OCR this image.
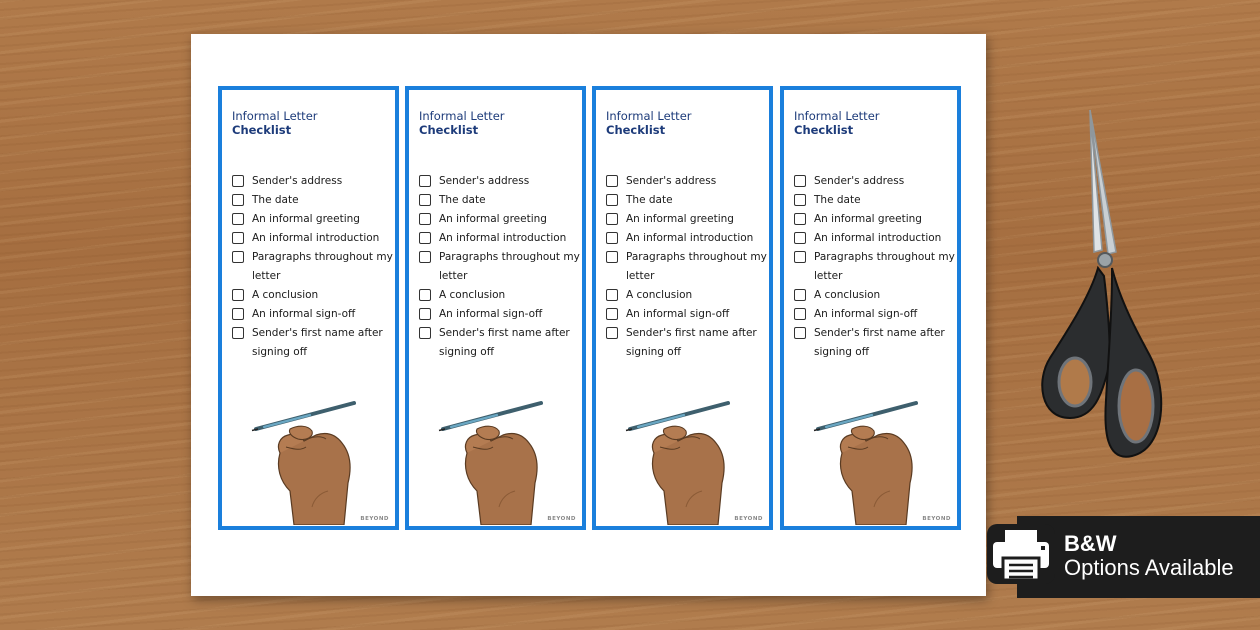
Informal Letter
Checklist
Sender's address
The date
An informal greeting
An informal introduction
Paragraphs throughout my letter
A conclusion
An informal sign-off
Sender's first name after signing off
BEYOND
Informal Letter
Checklist
Sender's address
The date
An informal greeting
An informal introduction
Paragraphs throughout my letter
A conclusion
An informal sign-off
Sender's first name after signing off
BEYOND
Informal Letter
Checklist
Sender's address
The date
An informal greeting
An informal introduction
Paragraphs throughout my letter
A conclusion
An informal sign-off
Sender's first name after signing off
BEYOND
Informal Letter
Checklist
Sender's address
The date
An informal greeting
An informal introduction
Paragraphs throughout my letter
A conclusion
An informal sign-off
Sender's first name after signing off
BEYOND
B&W
Options Available
